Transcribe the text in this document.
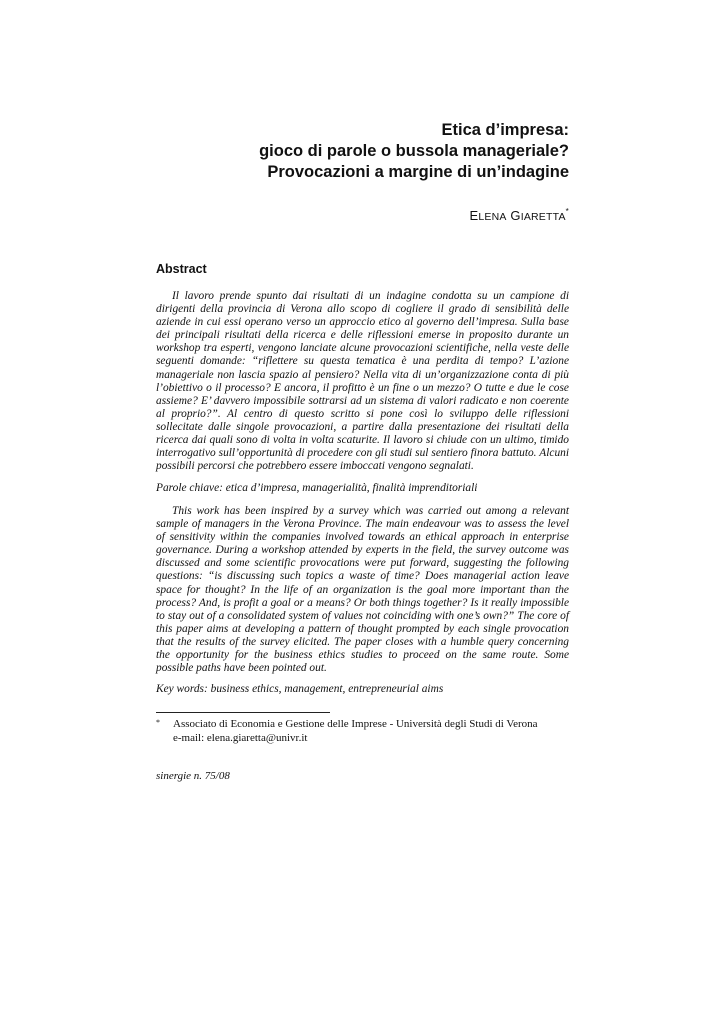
Etica d’impresa:
gioco di parole o bussola manageriale?
Provocazioni a margine di un’indagine
ELENA GIARETTA*
Abstract

Il lavoro prende spunto dai risultati di un indagine condotta su un campione di dirigenti della provincia di Verona allo scopo di cogliere il grado di sensibilità delle aziende in cui essi operano verso un approccio etico al governo dell’impresa. Sulla base dei principali risultati della ricerca e delle riflessioni emerse in proposito durante un workshop tra esperti, vengono lanciate alcune provocazioni scientifiche, nella veste delle seguenti domande: “riflettere su questa tematica è una perdita di tempo? L’azione manageriale non lascia spazio al pensiero? Nella vita di un’organizzazione conta di più l’obiettivo o il processo? E ancora, il profitto è un fine o un mezzo? O tutte e due le cose assieme? E’ davvero impossibile sottrarsi ad un sistema di valori radicato e non coerente al proprio?”. Al centro di questo scritto si pone così lo sviluppo delle riflessioni sollecitate dalle singole provocazioni, a partire dalla presentazione dei risultati della ricerca dai quali sono di volta in volta scaturite. Il lavoro si chiude con un ultimo, timido interrogativo sull’opportunità di procedere con gli studi sul sentiero finora battuto. Alcuni possibili percorsi che potrebbero essere imboccati vengono segnalati.

Parole chiave: etica d’impresa, managerialità, finalità imprenditoriali

This work has been inspired by a survey which was carried out among a relevant sample of managers in the Verona Province. The main endeavour was to assess the level of sensitivity within the companies involved towards an ethical approach in enterprise governance. During a workshop attended by experts in the field, the survey outcome was discussed and some scientific provocations were put forward, suggesting the following questions: “is discussing such topics a waste of time? Does managerial action leave space for thought? In the life of an organization is the goal more important than the process? And, is profit a goal or a means? Or both things together? Is it really impossible to stay out of a consolidated system of values not coinciding with one’s own?” The core of this paper aims at developing a pattern of thought prompted by each single provocation that the results of the survey elicited. The paper closes with a humble query concerning the opportunity for the business ethics studies to proceed on the same route. Some possible paths have been pointed out.

Key words: business ethics, management, entrepreneurial aims
* Associato di Economia e Gestione delle Imprese - Università degli Studi di Verona
e-mail: elena.giaretta@univr.it
sinergie n. 75/08
